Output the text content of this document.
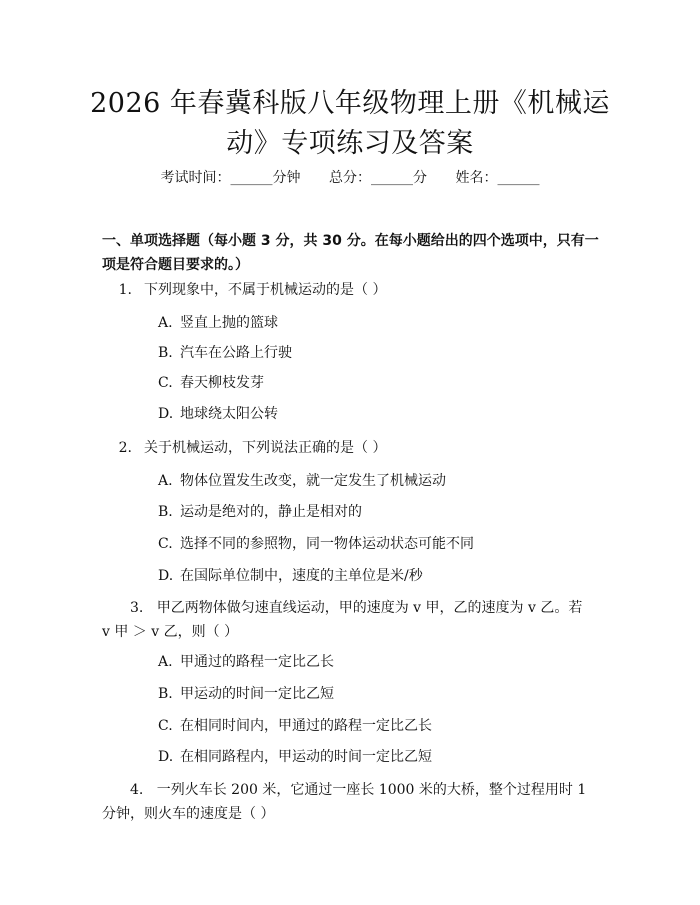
2026 年春冀科版八年级物理上册《机械运
动》专项练习及答案
考试时间：______分钟 总分：______分 姓名：______
一、单项选择题（每小题 3 分，共 30 分。在每小题给出的四个选项中，只有一项是符合题目要求的。）
1. 下列现象中，不属于机械运动的是（ ）
A. 竖直上抛的篮球
B. 汽车在公路上行驶
C. 春天柳枝发芽
D. 地球绕太阳公转
2. 关于机械运动，下列说法正确的是（ ）
A. 物体位置发生改变，就一定发生了机械运动
B. 运动是绝对的，静止是相对的
C. 选择不同的参照物，同一物体运动状态可能不同
D. 在国际单位制中，速度的主单位是米/秒
3. 甲乙两物体做匀速直线运动，甲的速度为 v 甲，乙的速度为 v 乙。若 v 甲 ＞ v 乙，则（ ）
A. 甲通过的路程一定比乙长
B. 甲运动的时间一定比乙短
C. 在相同时间内，甲通过的路程一定比乙长
D. 在相同路程内，甲运动的时间一定比乙短
4. 一列火车长 200 米，它通过一座长 1000 米的大桥，整个过程用时 1 分钟，则火车的速度是（ ）
